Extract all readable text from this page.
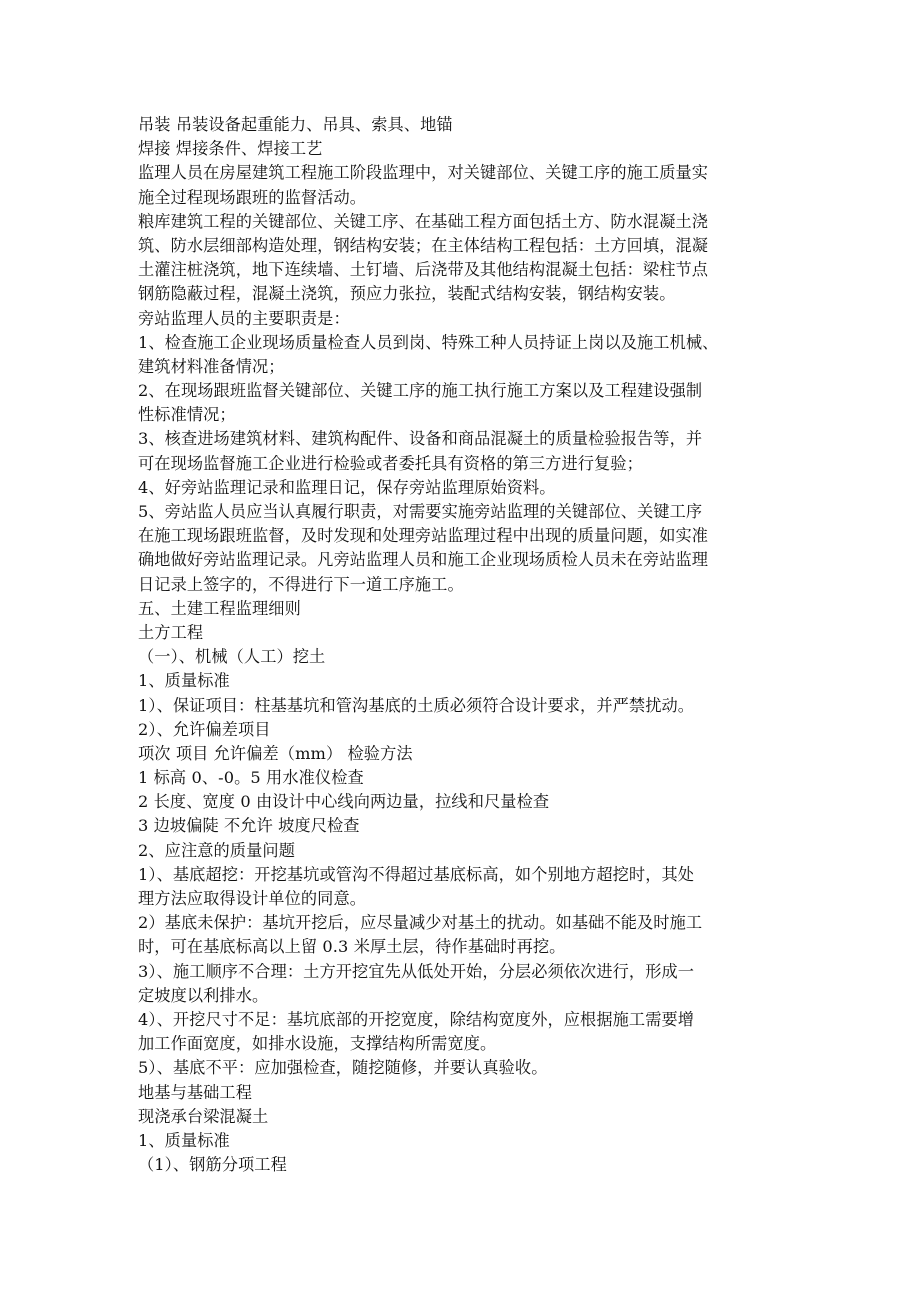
吊装 吊装设备起重能力、吊具、索具、地锚
焊接 焊接条件、焊接工艺
监理人员在房屋建筑工程施工阶段监理中，对关键部位、关键工序的施工质量实
施全过程现场跟班的监督活动。
粮库建筑工程的关键部位、关键工序、在基础工程方面包括土方、防水混凝土浇
筑、防水层细部构造处理，钢结构安装；在主体结构工程包括：土方回填，混凝
土灌注桩浇筑，地下连续墙、土钉墙、后浇带及其他结构混凝土包括：梁柱节点
钢筋隐蔽过程，混凝土浇筑，预应力张拉，装配式结构安装，钢结构安装。
旁站监理人员的主要职责是：
1、检查施工企业现场质量检查人员到岗、特殊工种人员持证上岗以及施工机械、
建筑材料准备情况；
2、在现场跟班监督关键部位、关键工序的施工执行施工方案以及工程建设强制
性标准情况；
3、核查进场建筑材料、建筑构配件、设备和商品混凝土的质量检验报告等，并
可在现场监督施工企业进行检验或者委托具有资格的第三方进行复验；
4、好旁站监理记录和监理日记，保存旁站监理原始资料。
5、旁站监人员应当认真履行职责，对需要实施旁站监理的关键部位、关键工序
在施工现场跟班监督，及时发现和处理旁站监理过程中出现的质量问题，如实准
确地做好旁站监理记录。凡旁站监理人员和施工企业现场质检人员未在旁站监理
日记录上签字的，不得进行下一道工序施工。
五、土建工程监理细则
土方工程
（一）、机械（人工）挖土
1、质量标准
1）、保证项目：柱基基坑和管沟基底的土质必须符合设计要求，并严禁扰动。
2）、允许偏差项目
项次 项目 允许偏差（mm） 检验方法
1 标高 0、-0。5 用水准仪检查
2 长度、宽度 0 由设计中心线向两边量，拉线和尺量检查
3 边坡偏陡 不允许 坡度尺检查
2、应注意的质量问题
1）、基底超挖：开挖基坑或管沟不得超过基底标高，如个别地方超挖时，其处
理方法应取得设计单位的同意。
2）基底未保护：基坑开挖后，应尽量减少对基土的扰动。如基础不能及时施工
时，可在基底标高以上留 0.3 米厚土层，待作基础时再挖。
3）、施工顺序不合理：土方开挖宜先从低处开始，分层必须依次进行，形成一
定坡度以利排水。
4）、开挖尺寸不足：基坑底部的开挖宽度，除结构宽度外，应根据施工需要增
加工作面宽度，如排水设施，支撑结构所需宽度。
5）、基底不平：应加强检查，随挖随修，并要认真验收。
地基与基础工程
现浇承台梁混凝土
1、质量标准
（1）、钢筋分项工程
